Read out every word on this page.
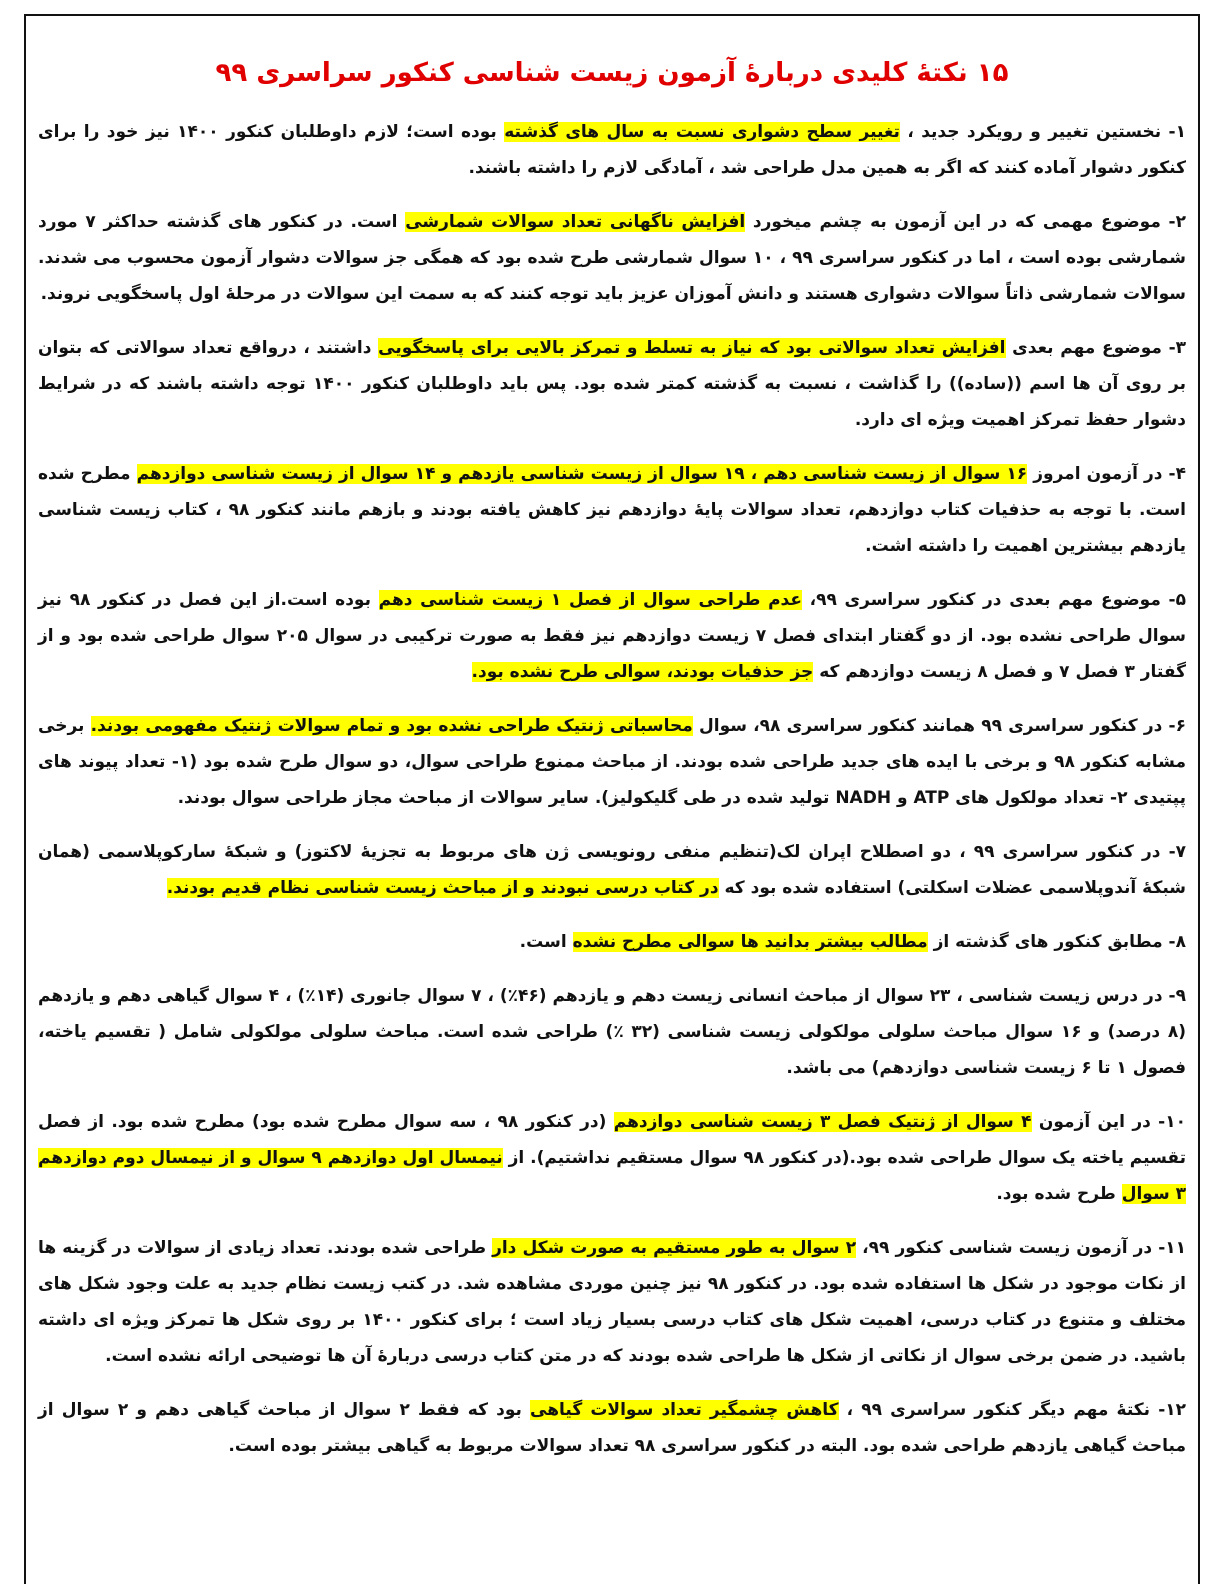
۱۵ نکتهٔ کلیدی دربارهٔ آزمون زیست شناسی کنکور سراسری ۹۹

۱- نخستین تغییر و رویکرد جدید ، تغییر سطح دشواری نسبت به سال های گذشته بوده است؛ لازم داوطلبان کنکور ۱۴۰۰ نیز خود را برای کنکور دشوار آماده کنند که اگر به همین مدل طراحی شد ، آمادگی لازم را داشته باشند.

۲- موضوع مهمی که در این آزمون به چشم میخورد افزایش ناگهانی تعداد سوالات شمارشی است. در کنکور های گذشته حداکثر ۷ مورد شمارشی بوده است ، اما در کنکور سراسری ۹۹ ، ۱۰ سوال شمارشی طرح شده بود که همگی جز سوالات دشوار آزمون محسوب می شدند. سوالات شمارشی ذاتاً سوالات دشواری هستند و دانش آموزان عزیز باید توجه کنند که به سمت این سوالات در مرحلهٔ اول پاسخگویی نروند.

۳- موضوع مهم بعدی افزایش تعداد سوالاتی بود که نیاز به تسلط و تمرکز بالایی برای پاسخگویی داشتند ، درواقع تعداد سوالاتی که بتوان بر روی آن ها اسم ((ساده)) را گذاشت ، نسبت به گذشته کمتر شده بود. پس باید داوطلبان کنکور ۱۴۰۰ توجه داشته باشند که در شرایط دشوار حفظ تمرکز اهمیت ویژه ای دارد.

۴- در آزمون امروز ۱۶ سوال از زیست شناسی دهم ، ۱۹ سوال از زیست شناسی یازدهم و ۱۴ سوال از زیست شناسی دوازدهم مطرح شده است. با توجه به حذفیات کتاب دوازدهم، تعداد سوالات پایهٔ دوازدهم نیز کاهش یافته بودند و بازهم مانند کنکور ۹۸ ، کتاب زیست شناسی یازدهم بیشترین اهمیت را داشته اشت.

۵- موضوع مهم بعدی در کنکور سراسری ۹۹، عدم طراحی سوال از فصل ۱ زیست شناسی دهم بوده است.از این فصل در کنکور ۹۸ نیز سوال طراحی نشده بود. از دو گفتار ابتدای فصل ۷ زیست دوازدهم نیز فقط به صورت ترکیبی در سوال ۲۰۵ سوال طراحی شده بود و از گفتار ۳ فصل ۷ و فصل ۸ زیست دوازدهم که جز حذفیات بودند، سوالی طرح نشده بود.

۶- در کنکور سراسری ۹۹ همانند کنکور سراسری ۹۸، سوال محاسباتی ژنتیک طراحی نشده بود و تمام سوالات ژنتیک مفهومی بودند. برخی مشابه کنکور ۹۸ و برخی با ایده های جدید طراحی شده بودند. از مباحث ممنوع طراحی سوال، دو سوال طرح شده بود (۱- تعداد پیوند های پپتیدی ۲- تعداد مولکول های ATP و NADH تولید شده در طی گلیکولیز). سایر سوالات از مباحث مجاز طراحی سوال بودند.

۷- در کنکور سراسری ۹۹ ، دو اصطلاح اپران لک(تنظیم منفی رونویسی ژن های مربوط به تجزیهٔ لاکتوز) و شبکهٔ سارکوپلاسمی (همان شبکهٔ آندوپلاسمی عضلات اسکلتی) استفاده شده بود که در کتاب درسی نبودند و از مباحث زیست شناسی نظام قدیم بودند.

۸- مطابق کنکور های گذشته از مطالب بیشتر بدانید ها سوالی مطرح نشده است.

۹- در درس زیست شناسی ، ۲۳ سوال از مباحث انسانی زیست دهم و یازدهم (۴۶٪) ، ۷ سوال جانوری (۱۴٪) ، ۴ سوال گیاهی دهم و یازدهم (۸ درصد) و ۱۶ سوال مباحث سلولی مولکولی زیست شناسی (۳۲ ٪) طراحی شده است. مباحث سلولی مولکولی شامل ( تقسیم یاخته، فصول ۱ تا ۶ زیست شناسی دوازدهم) می باشد.

۱۰- در این آزمون ۴ سوال از ژنتیک فصل ۳ زیست شناسی دوازدهم (در کنکور ۹۸ ، سه سوال مطرح شده بود) مطرح شده بود. از فصل تقسیم یاخته یک سوال طراحی شده بود.(در کنکور ۹۸ سوال مستقیم نداشتیم). از نیمسال اول دوازدهم ۹ سوال و از نیمسال دوم دوازدهم ۳ سوال طرح شده بود.

۱۱- در آزمون زیست شناسی کنکور ۹۹، ۲ سوال به طور مستقیم به صورت شکل دار طراحی شده بودند. تعداد زیادی از سوالات در گزینه ها از نکات موجود در شکل ها استفاده شده بود. در کنکور ۹۸ نیز چنین موردی مشاهده شد. در کتب زیست نظام جدید به علت وجود شکل های مختلف و متنوع در کتاب درسی، اهمیت شکل های کتاب درسی بسیار زیاد است ؛ برای کنکور ۱۴۰۰ بر روی شکل ها تمرکز ویژه ای داشته باشید. در ضمن برخی سوال از نکاتی از شکل ها طراحی شده بودند که در متن کتاب درسی دربارهٔ آن ها توضیحی ارائه نشده است.

۱۲- نکتهٔ مهم دیگر کنکور سراسری ۹۹ ، کاهش چشمگیر تعداد سوالات گیاهی بود که فقط ۲ سوال از مباحث گیاهی دهم و ۲ سوال از مباحث گیاهی یازدهم طراحی شده بود. البته در کنکور سراسری ۹۸ تعداد سوالات مربوط به گیاهی بیشتر بوده است.
